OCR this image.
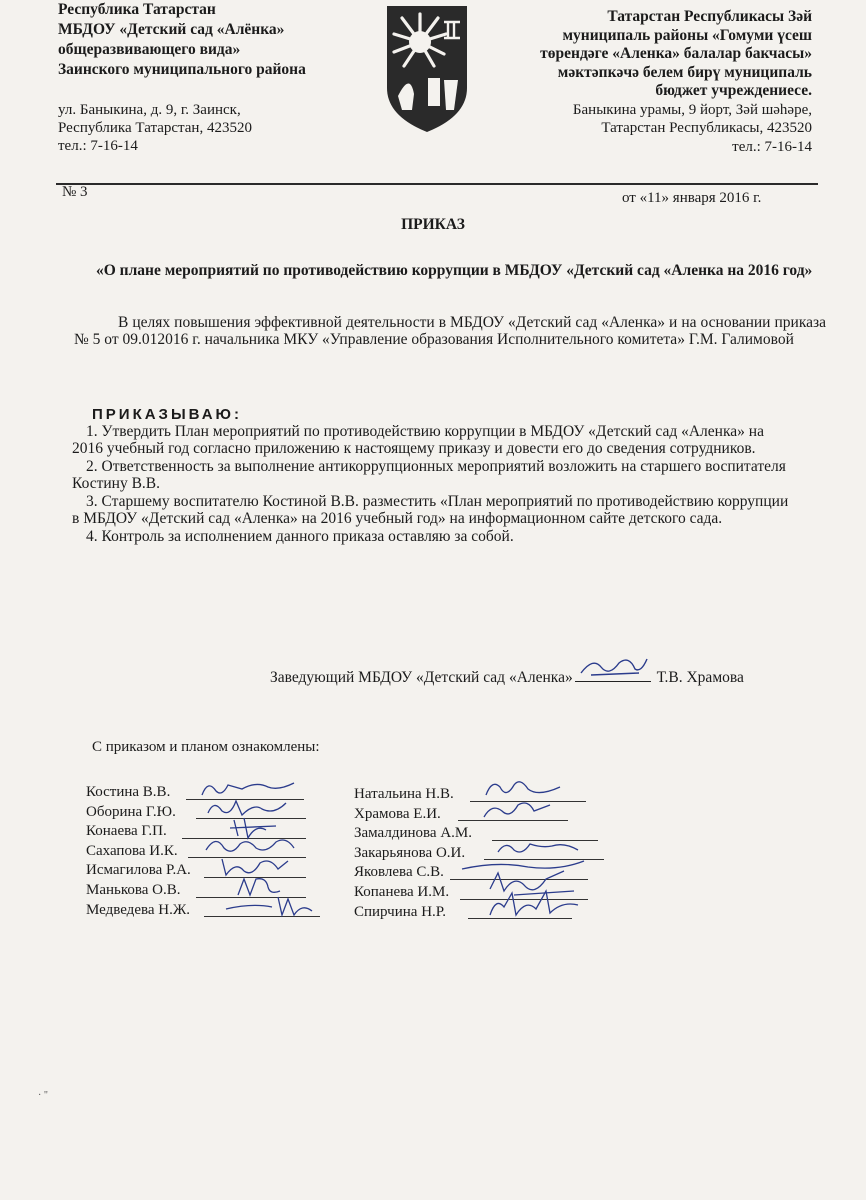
Республика Татарстан
МБДОУ «Детский сад «Алёнка»
общеразвивающего вида»
Заинского муниципального района
ул. Баныкина, д. 9, г. Заинск,
Республика Татарстан, 423520
тел.: 7-16-14
Татарстан Республикасы Зәй
муниципаль районы «Гомуми үсеш
төрендәге «Аленка» балалар бакчасы»
мәктәпкәчә белем бирү муниципаль
бюджет учреждениесе.
Баныкина урамы, 9 йорт, Зәй шәһәре,
Татарстан Республикасы, 423520
тел.: 7-16-14
№ 3	от «11» января 2016 г.
ПРИКАЗ
«О плане мероприятий по противодействию коррупции в МБДОУ «Детский сад «Аленка на 2016 год»
В целях повышения эффективной деятельности в МБДОУ «Детский сад «Аленка» и на основании приказа № 5 от 09.012016 г. начальника МКУ «Управление образования Исполнительного комитета» Г.М. Галимовой
ПРИКАЗЫВАЮ:

1. Утвердить План мероприятий по противодействию коррупции в МБДОУ «Детский сад «Аленка» на 2016 учебный год согласно приложению к настоящему приказу и довести его до сведения сотрудников.

2. Ответственность за выполнение антикоррупционных мероприятий возложить на старшего воспитателя Костину В.В.

3. Старшему воспитателю Костиной В.В. разместить «План мероприятий по противодействию коррупции в МБДОУ «Детский сад «Аленка» на 2016 учебный год» на информационном сайте детского сада.

4. Контроль за исполнением данного приказа оставляю за собой.

Заведующий МБДОУ «Детский сад «Аленка»	Т.В. Храмова
С приказом и планом ознакомлены:
Костина В.В.
Оборина Г.Ю.
Конаева Г.П.
Сахапова И.К.
Исмагилова Р.А.
Манькова О.В.
Медведева Н.Ж.
Натальина Н.В.
Храмова Е.И.
Замалдинова А.М.
Закарьянова О.И.
Яковлева С.В.
Копанева И.М.
Спирчина Н.Р.
· "
